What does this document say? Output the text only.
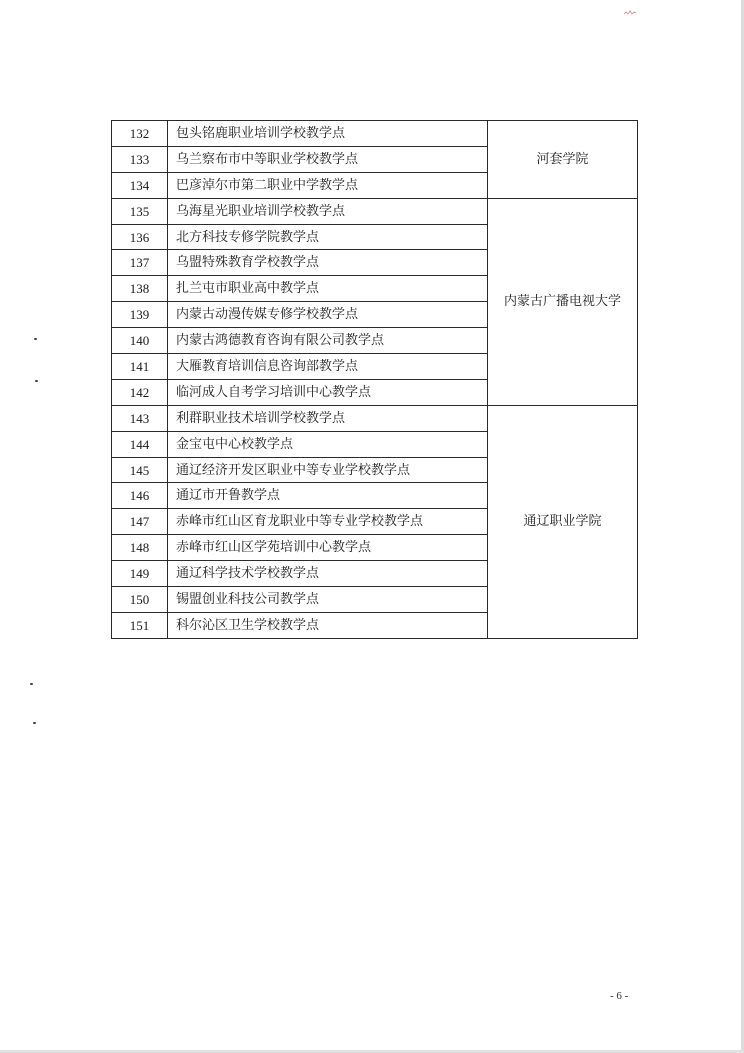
132	包头铭鹿职业培训学校教学点	河套学院
133	乌兰察布市中等职业学校教学点	
134	巴彦淖尔市第二职业中学教学点	
135	乌海星光职业培训学校教学点	内蒙古广播电视大学
136	北方科技专修学院教学点	
137	乌盟特殊教育学校教学点	
138	扎兰屯市职业高中教学点	
139	内蒙古动漫传媒专修学校教学点	
140	内蒙古鸿德教育咨询有限公司教学点	
141	大雁教育培训信息咨询部教学点	
142	临河成人自考学习培训中心教学点	
143	利群职业技术培训学校教学点	通辽职业学院
144	金宝屯中心校教学点	
145	通辽经济开发区职业中等专业学校教学点	
146	通辽市开鲁教学点	
147	赤峰市红山区育龙职业中等专业学校教学点	
148	赤峰市红山区学苑培训中心教学点	
149	通辽科学技术学校教学点	
150	锡盟创业科技公司教学点	
151	科尔沁区卫生学校教学点	
- 6 -
